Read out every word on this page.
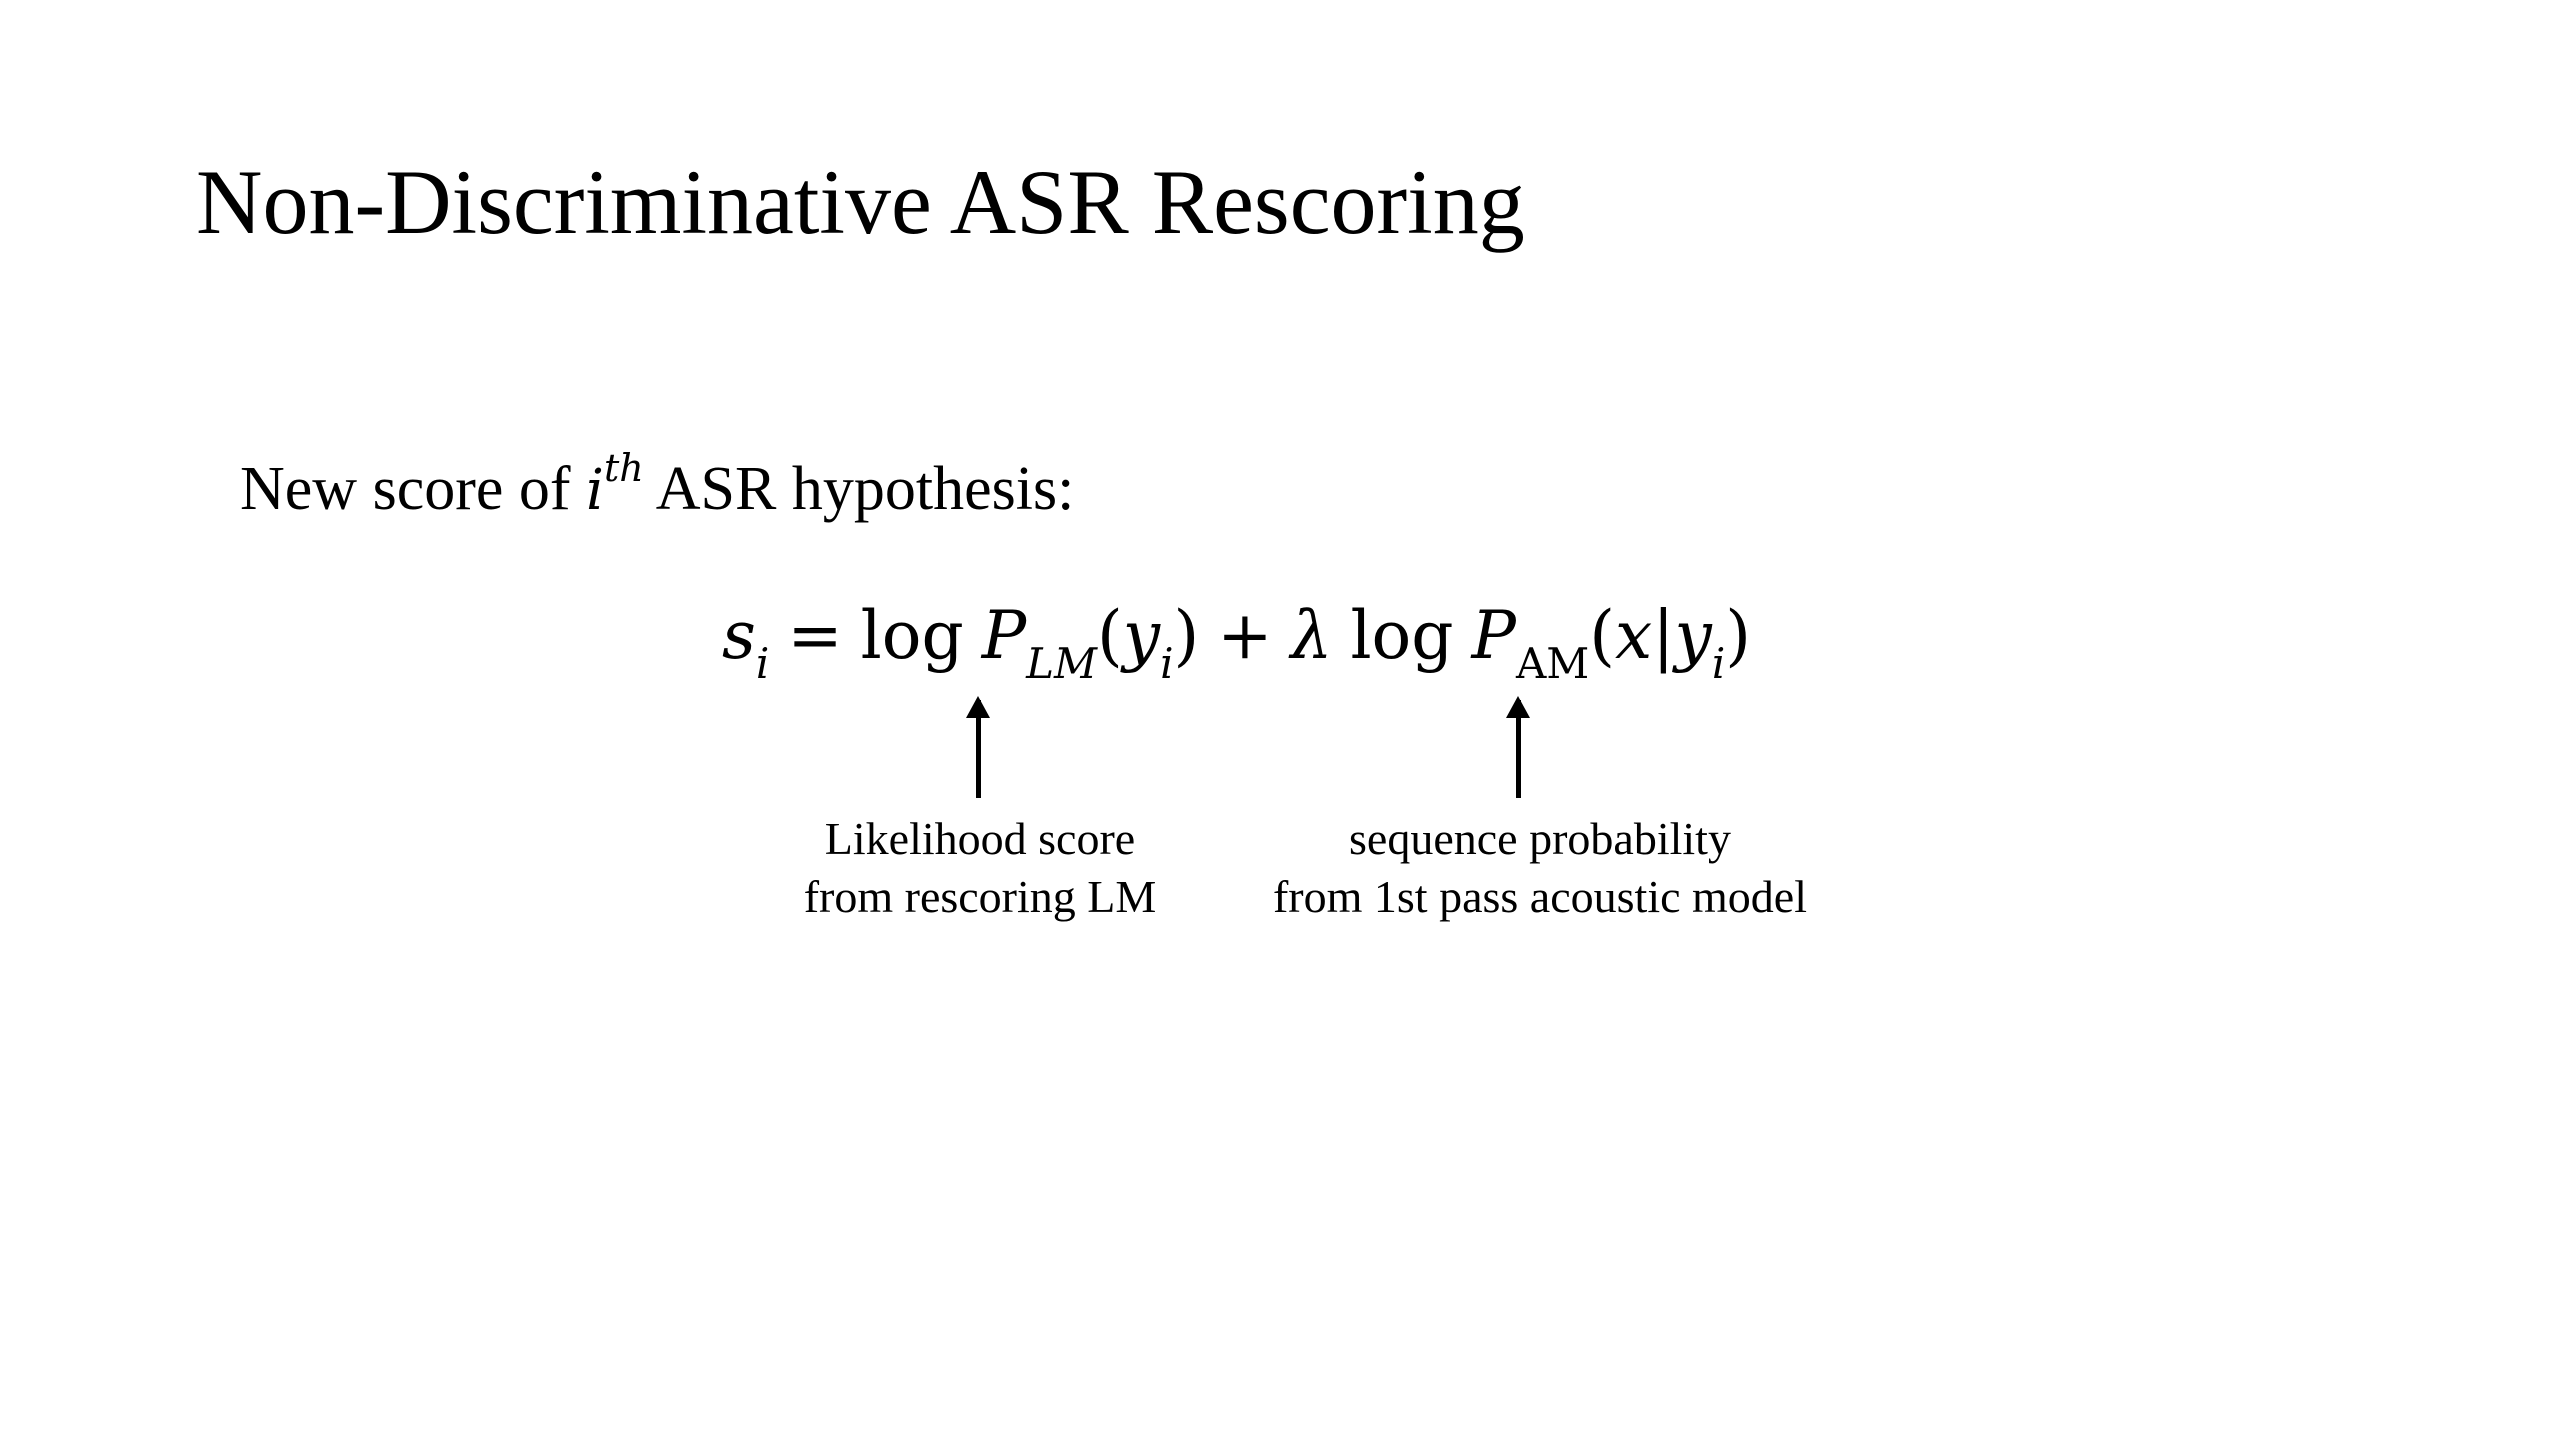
Non-Discriminative ASR Rescoring
New score of $i^{th}$ ASR hypothesis:
$s_i = \log P_{LM}(y_i) + \lambda$ $\log P_{AM}(x|y_i)$
Likelihood score
from rescoring LM
sequence probability
from 1st pass acoustic model
